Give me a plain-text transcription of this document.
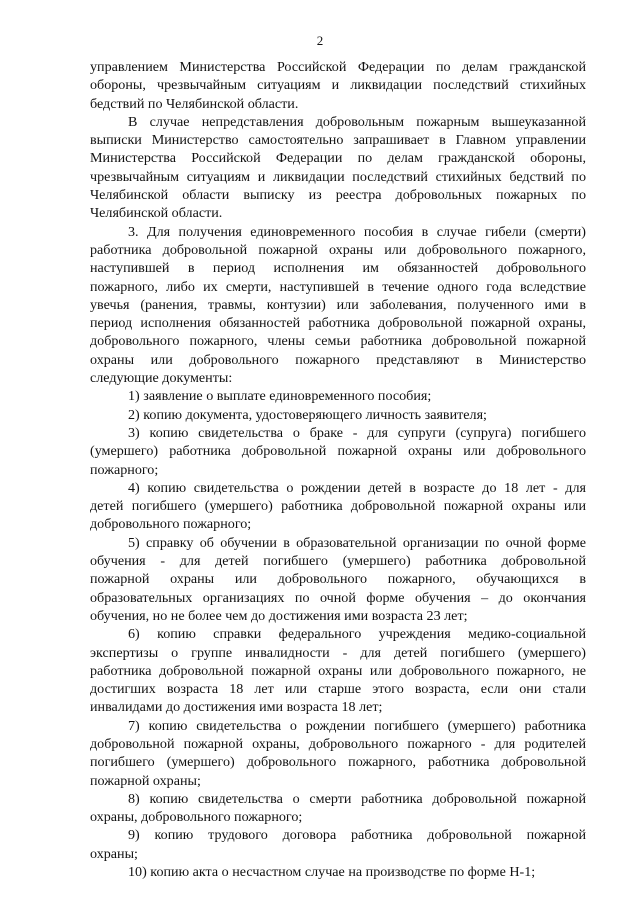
2
управлением Министерства Российской Федерации по делам гражданской
обороны, чрезвычайным ситуациям и ликвидации последствий стихийных
бедствий по Челябинской области.
В случае непредставления добровольным пожарным вышеуказанной
выписки Министерство самостоятельно запрашивает в Главном управлении
Министерства Российской Федерации по делам гражданской обороны,
чрезвычайным ситуациям и ликвидации последствий стихийных бедствий по
Челябинской области выписку из реестра добровольных пожарных по
Челябинской области.
3. Для получения единовременного пособия в случае гибели (смерти)
работника добровольной пожарной охраны или добровольного пожарного,
наступившей в период исполнения им обязанностей добровольного
пожарного, либо их смерти, наступившей в течение одного года вследствие
увечья (ранения, травмы, контузии) или заболевания, полученного ими в
период исполнения обязанностей работника добровольной пожарной охраны,
добровольного пожарного, члены семьи работника добровольной пожарной
охраны или добровольного пожарного представляют в Министерство
следующие документы:
1) заявление о выплате единовременного пособия;
2) копию документа, удостоверяющего личность заявителя;
3) копию свидетельства о браке - для супруги (супруга) погибшего
(умершего) работника добровольной пожарной охраны или добровольного
пожарного;
4) копию свидетельства о рождении детей в возрасте до 18 лет - для
детей погибшего (умершего) работника добровольной пожарной охраны или
добровольного пожарного;
5) справку об обучении в образовательной организации по очной форме
обучения - для детей погибшего (умершего) работника добровольной
пожарной охраны или добровольного пожарного, обучающихся в
образовательных организациях по очной форме обучения – до окончания
обучения, но не более чем до достижения ими возраста 23 лет;
6) копию справки федерального учреждения медико-социальной
экспертизы о группе инвалидности - для детей погибшего (умершего)
работника добровольной пожарной охраны или добровольного пожарного, не
достигших возраста 18 лет или старше этого возраста, если они стали
инвалидами до достижения ими возраста 18 лет;
7) копию свидетельства о рождении погибшего (умершего) работника
добровольной пожарной охраны, добровольного пожарного - для родителей
погибшего (умершего) добровольного пожарного, работника добровольной
пожарной охраны;
8) копию свидетельства о смерти работника добровольной пожарной
охраны, добровольного пожарного;
9) копию трудового договора работника добровольной пожарной
охраны;
10) копию акта о несчастном случае на производстве по форме Н-1;
